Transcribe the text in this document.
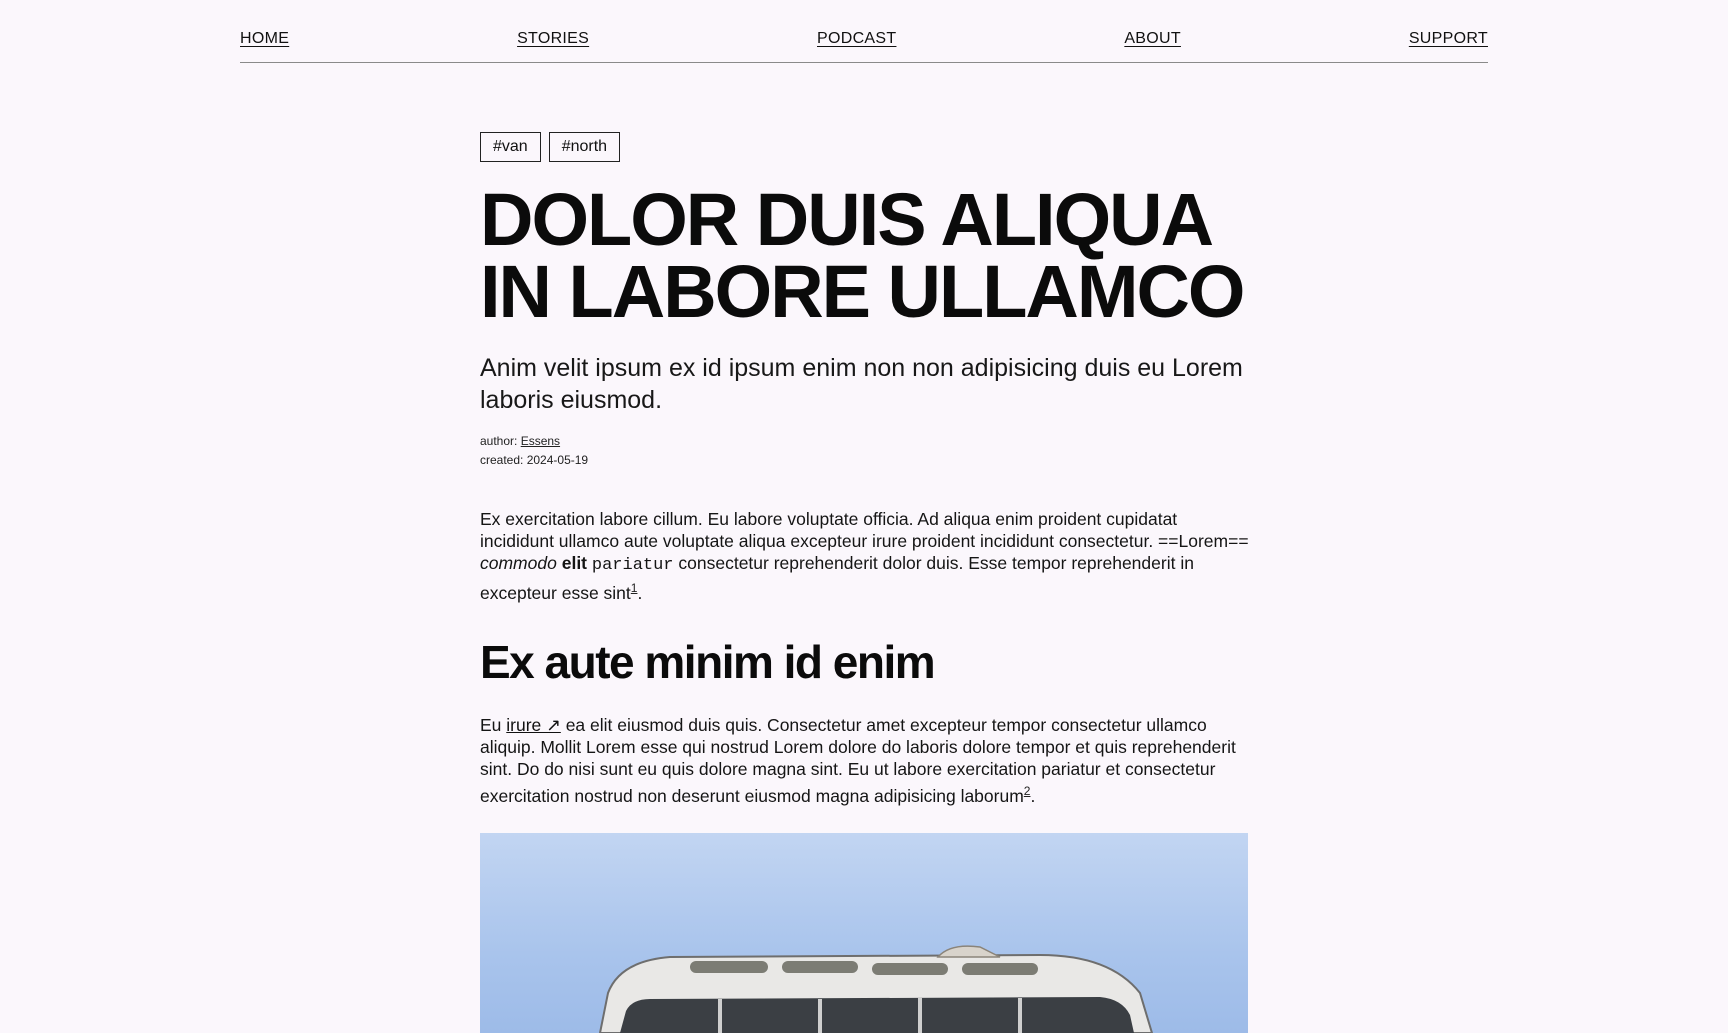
HOME	STORIES	PODCAST	ABOUT	SUPPORT
#van	#north
DOLOR DUIS ALIQUA
IN LABORE ULLAMCO

Anim velit ipsum ex id ipsum enim non non adipisicing duis eu Lorem laboris eiusmod.

author: Essens
created: 2024-05-19

Ex exercitation labore cillum. Eu labore voluptate officia. Ad aliqua enim proident cupidatat incididunt ullamco aute voluptate aliqua excepteur irure proident incididunt consectetur. ==Lorem== commodo elit pariatur consectetur reprehenderit dolor duis. Esse tempor reprehenderit in excepteur esse sint$^1$.

Ex aute minim id enim

Eu irure ↗ ea elit eiusmod duis quis. Consectetur amet excepteur tempor consectetur ullamco aliquip. Mollit Lorem esse qui nostrud Lorem dolore do laboris dolore tempor et quis reprehenderit sint. Do do nisi sunt eu quis dolore magna sint. Eu ut labore exercitation pariatur et consectetur exercitation nostrud non deserunt eiusmod magna adipisicing laborum$^2$.
